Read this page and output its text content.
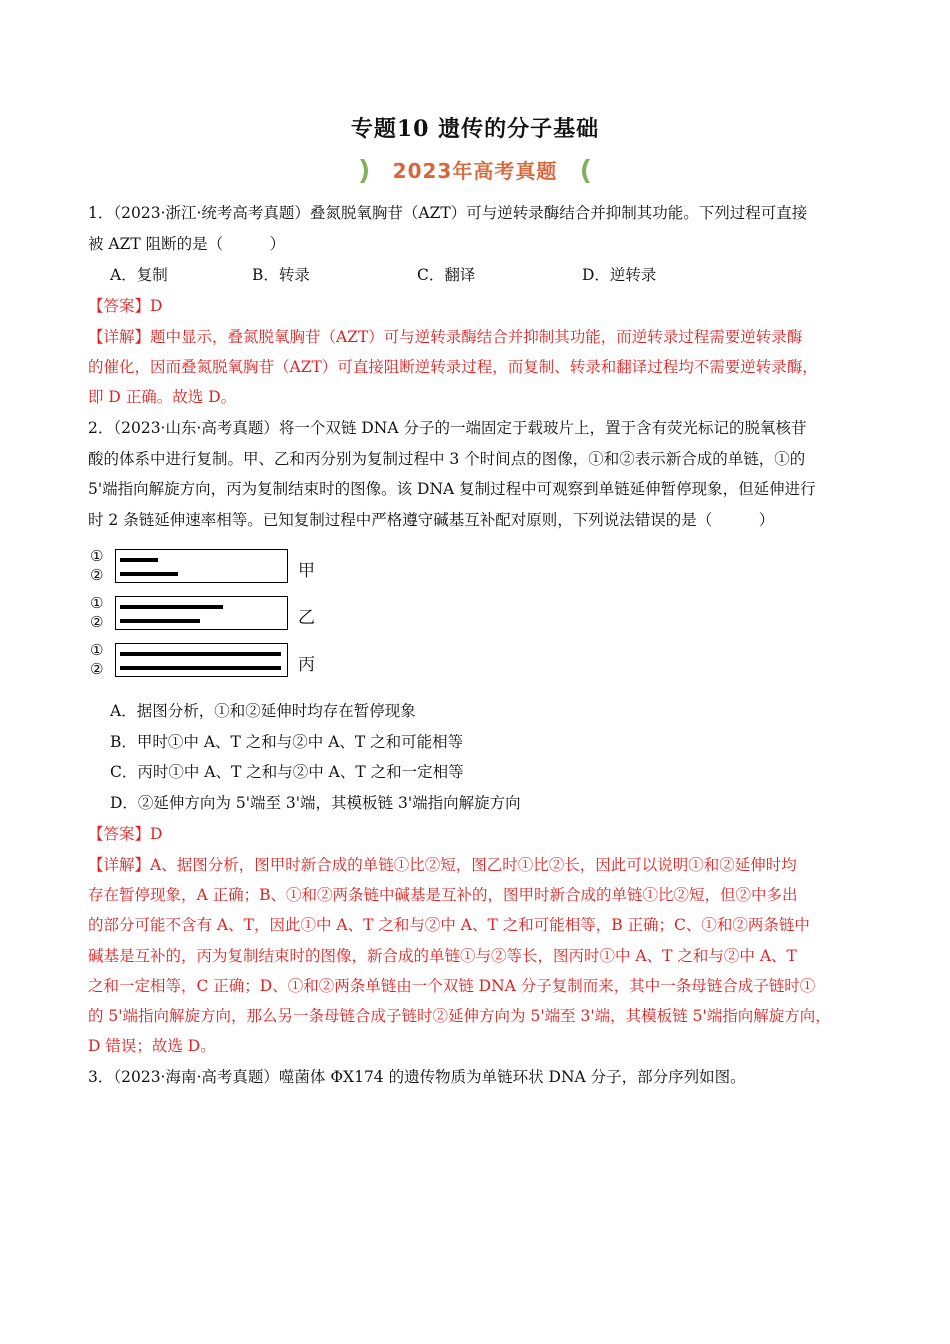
专题10 遗传的分子基础
2023年高考真题
1．（2023·浙江·统考高考真题）叠氮脱氧胸苷（AZT）可与逆转录酶结合并抑制其功能。下列过程可直接
被 AZT 阻断的是（　　　）
A．复制	B．转录	C．翻译	D．逆转录
【答案】D
【详解】题中显示，叠氮脱氧胸苷（AZT）可与逆转录酶结合并抑制其功能，而逆转录过程需要逆转录酶
的催化，因而叠氮脱氧胸苷（AZT）可直接阻断逆转录过程，而复制、转录和翻译过程均不需要逆转录酶，
即 D 正确。故选 D。
2．（2023·山东·高考真题）将一个双链 DNA 分子的一端固定于载玻片上，置于含有荧光标记的脱氧核苷
酸的体系中进行复制。甲、乙和丙分别为复制过程中 3 个时间点的图像，①和②表示新合成的单链，①的
5'端指向解旋方向，丙为复制结束时的图像。该 DNA 复制过程中可观察到单链延伸暂停现象，但延伸进行
时 2 条链延伸速率相等。已知复制过程中严格遵守碱基互补配对原则，下列说法错误的是（　　　）
①
②	甲
①
②	乙
①
②	丙
A．据图分析，①和②延伸时均存在暂停现象
B．甲时①中 A、T 之和与②中 A、T 之和可能相等
C．丙时①中 A、T 之和与②中 A、T 之和一定相等
D．②延伸方向为 5'端至 3'端，其模板链 3'端指向解旋方向
【答案】D
【详解】A、据图分析，图甲时新合成的单链①比②短，图乙时①比②长，因此可以说明①和②延伸时均
存在暂停现象，A 正确；B、①和②两条链中碱基是互补的，图甲时新合成的单链①比②短，但②中多出
的部分可能不含有 A、T，因此①中 A、T 之和与②中 A、T 之和可能相等，B 正确；C、①和②两条链中
碱基是互补的，丙为复制结束时的图像，新合成的单链①与②等长，图丙时①中 A、T 之和与②中 A、T
之和一定相等，C 正确；D、①和②两条单链由一个双链 DNA 分子复制而来，其中一条母链合成子链时①
的 5'端指向解旋方向，那么另一条母链合成子链时②延伸方向为 5'端至 3'端，其模板链 5'端指向解旋方向，
D 错误；故选 D。
3．（2023·海南·高考真题）噬菌体 ΦX174 的遗传物质为单链环状 DNA 分子，部分序列如图。
